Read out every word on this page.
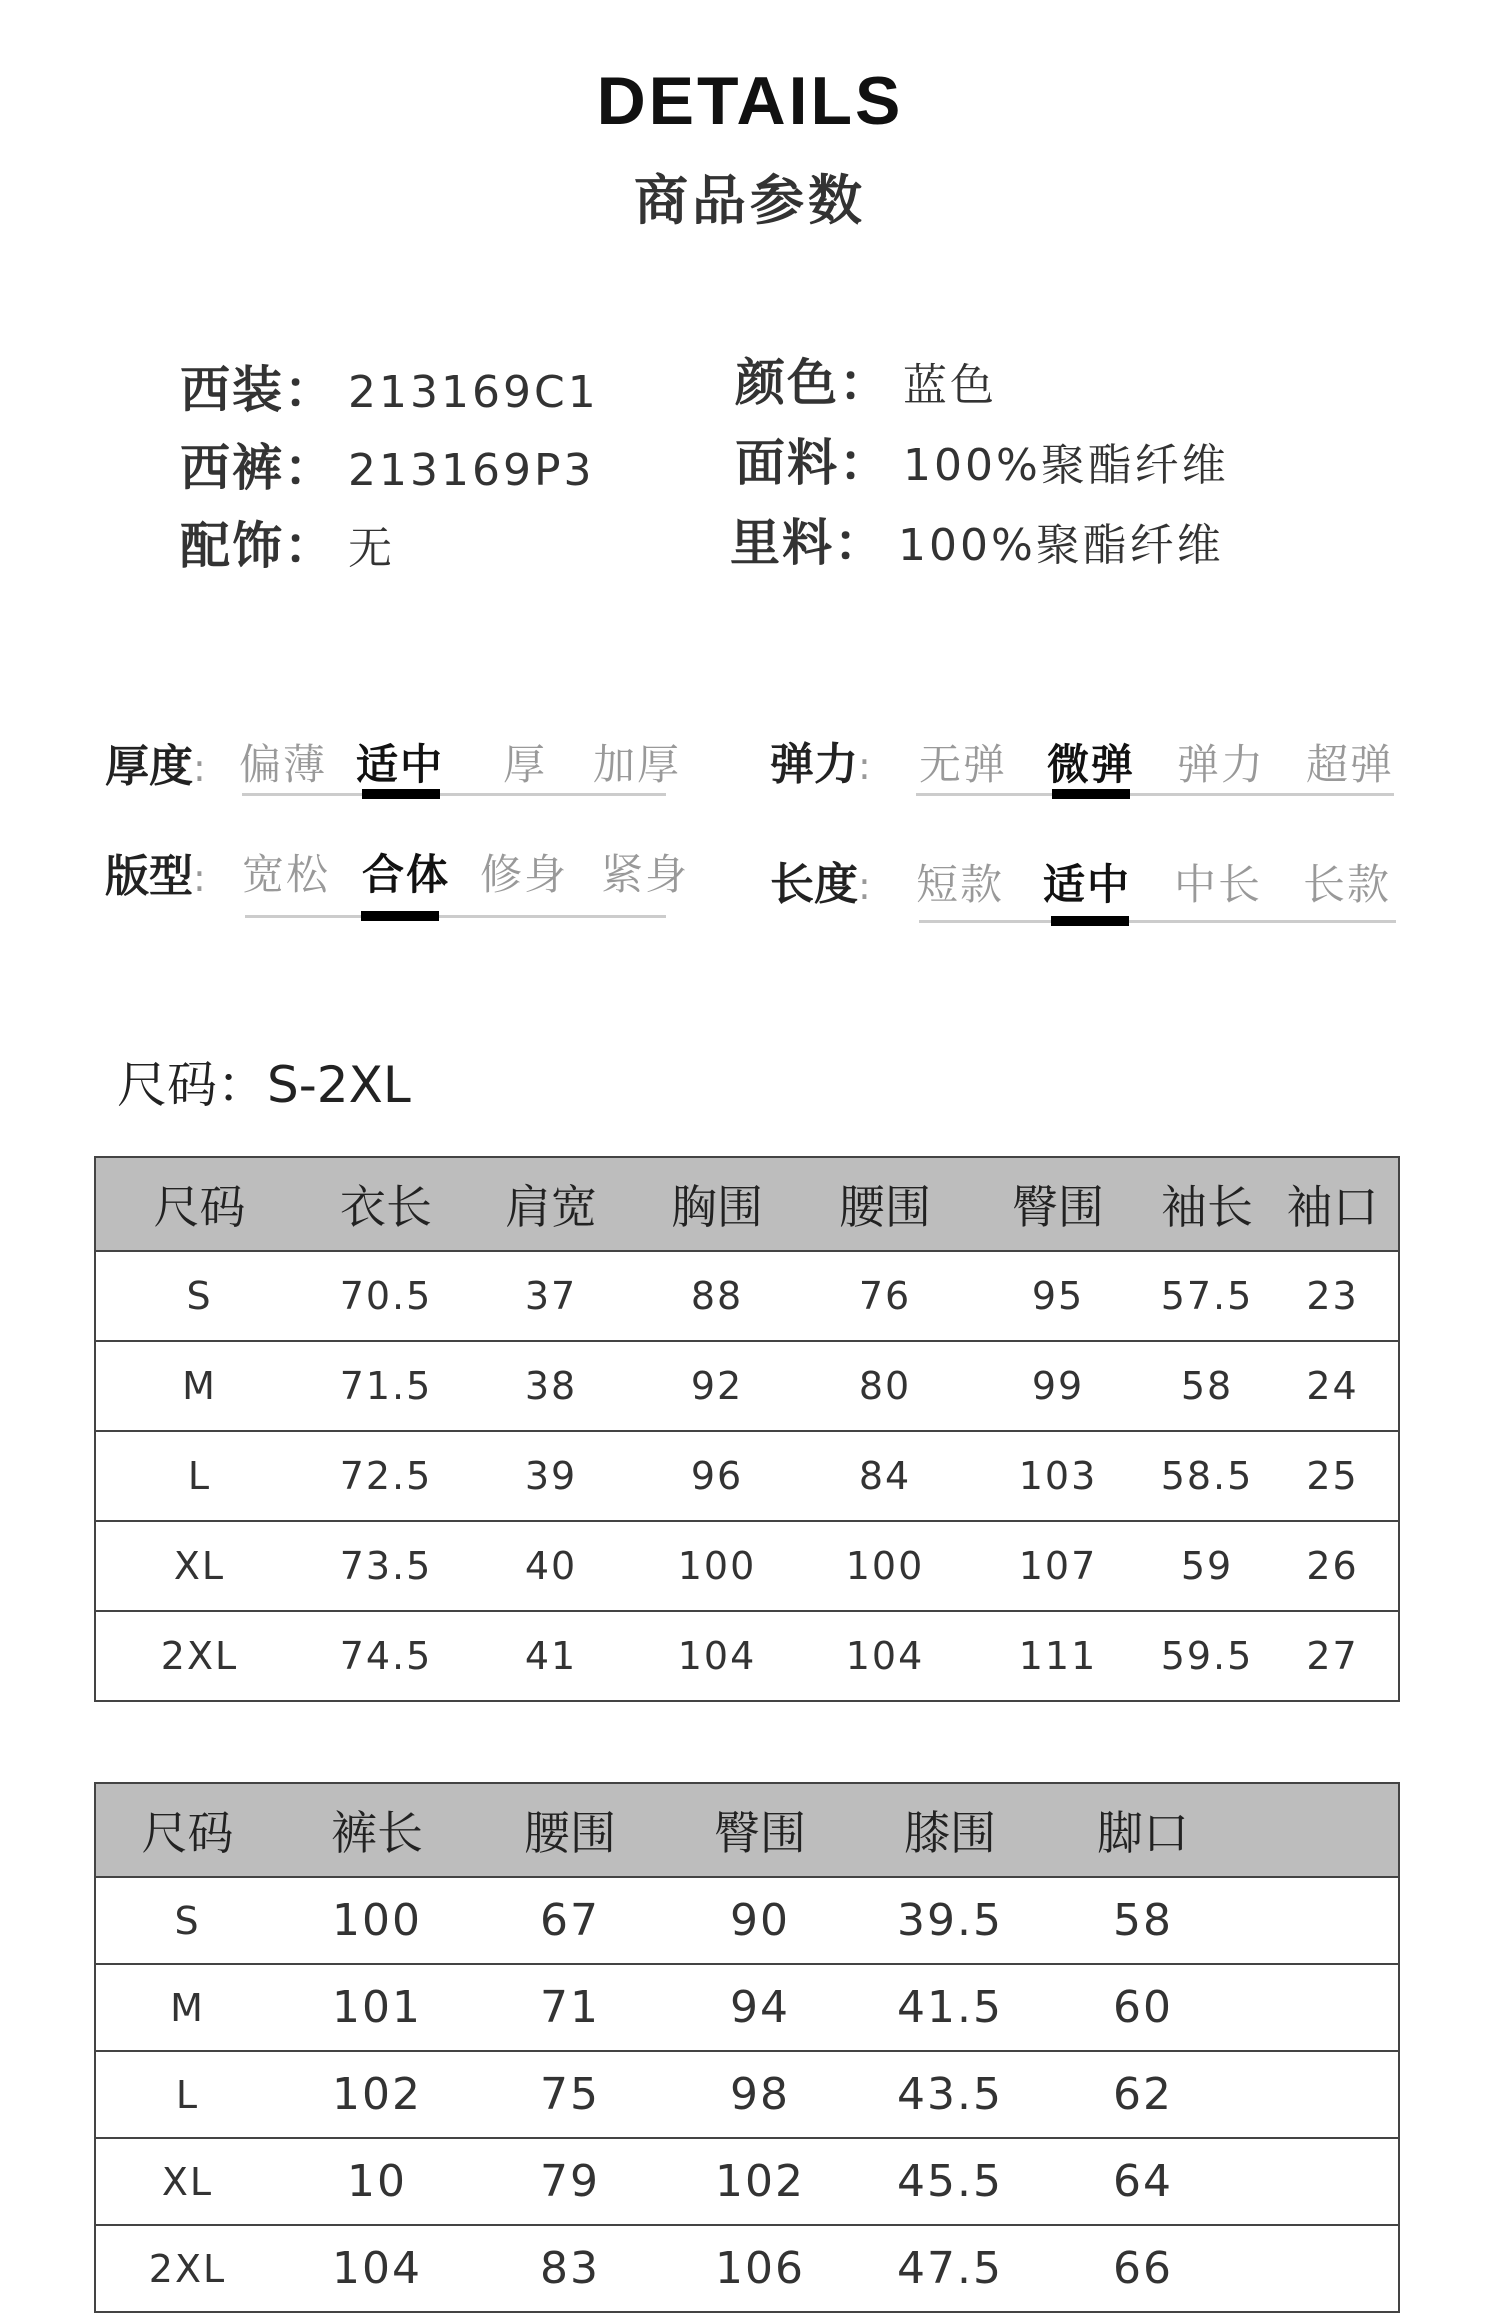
DETAILS
商品参数
西装： 213169C1
西裤： 213169P3
配饰： 无
颜色： 蓝色
面料： 100%聚酯纤维
里料： 100%聚酯纤维
厚度: 偏薄 适中	厚	加厚	弹力:	无弹 微弹 弹力 超弹
版型: 宽松 合体 修身 紧身	长度:	短款 适中	中长 长款
尺码：S-2XL
尺码	衣长	肩宽	胸围	腰围	臀围	袖长	袖口
S	70.5	37	88	76	95	57.5	23
M	71.5	38	92	80	99	58	24
L	72.5	39	96	84	103	58.5	25
XL	73.5	40	100	100	107	59	26
2XL	74.5	41	104	104	111	59.5	27
尺码	裤长	腰围	臀围	膝围	脚口	
S	100	67	90	39.5	58	
M	101	71	94	41.5	60	
L	102	75	98	43.5	62	
XL	10	79	102	45.5	64	
2XL	104	83	106	47.5	66	
